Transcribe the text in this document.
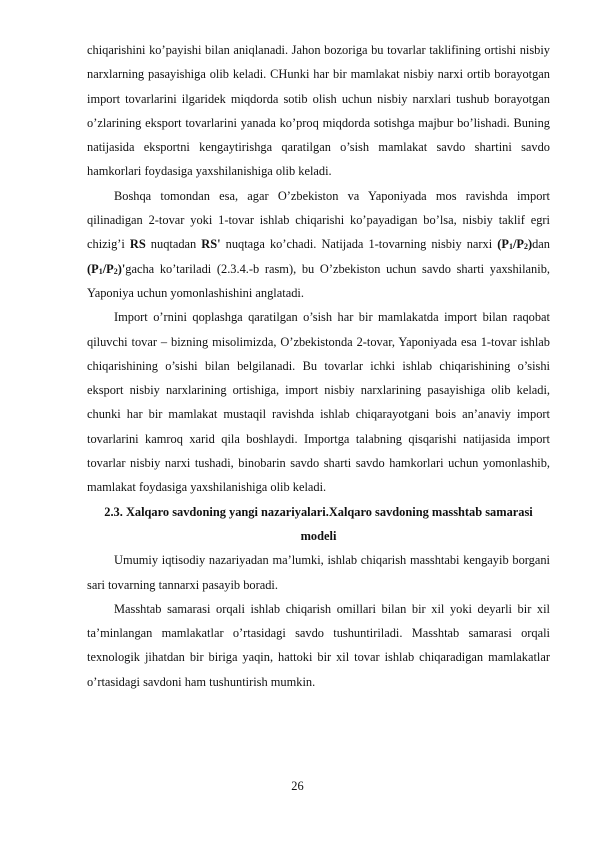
chiqarishini ko’payishi bilan aniqlanadi. Jahon bozoriga bu tovarlar taklifining ortishi nisbiy narxlarning pasayishiga olib keladi. CHunki har bir mamlakat nisbiy narxi ortib borayotgan import tovarlarini ilgaridek miqdorda sotib olish uchun nisbiy narxlari tushub borayotgan o’zlarining eksport tovarlarini yanada ko’proq miqdorda sotishga majbur bo’lishadi. Buning natijasida eksportni kengaytirishga qaratilgan o’sish mamlakat savdo shartini savdo hamkorlari foydasiga yaxshilanishiga olib keladi.

Boshqa tomondan esa, agar O’zbekiston va Yaponiyada mos ravishda import qilinadigan 2-tovar yoki 1-tovar ishlab chiqarishi ko’payadigan bo’lsa, nisbiy taklif egri chizig’i RS nuqtadan RS' nuqtaga ko’chadi. Natijada 1-tovarning nisbiy narxi $(P_1/P_2)dan$ $(P_1/P_2)'gacha$ ko’tariladi (2.3.4.-b rasm), bu O’zbekiston uchun savdo sharti yaxshilanib, Yaponiya uchun yomonlashishini anglatadi.

Import o’rnini qoplashga qaratilgan o’sish har bir mamlakatda import bilan raqobat qiluvchi tovar – bizning misolimizda, O’zbekistonda 2-tovar, Yaponiyada esa 1-tovar ishlab chiqarishining o’sishi bilan belgilanadi. Bu tovarlar ichki ishlab chiqarishining o’sishi eksport nisbiy narxlarining ortishiga, import nisbiy narxlarining pasayishiga olib keladi, chunki har bir mamlakat mustaqil ravishda ishlab chiqarayotgani bois an’anaviy import tovarlarini kamroq xarid qila boshlaydi. Importga talabning qisqarishi natijasida import tovarlar nisbiy narxi tushadi, binobarin savdo sharti savdo hamkorlari uchun yomonlashib, mamlakat foydasiga yaxshilanishiga olib keladi.

2.3. Xalqaro savdoning yangi nazariyalari.Xalqaro savdoning masshtab samarasi modeli

Umumiy iqtisodiy nazariyadan ma’lumki, ishlab chiqarish masshtabi kengayib borgani sari tovarning tannarxi pasayib boradi.

Masshtab samarasi orqali ishlab chiqarish omillari bilan bir xil yoki deyarli bir xil ta’minlangan mamlakatlar o’rtasidagi savdo tushuntiriladi. Masshtab samarasi orqali texnologik jihatdan bir biriga yaqin, hattoki bir xil tovar ishlab chiqaradigan mamlakatlar o’rtasidagi savdoni ham tushuntirish mumkin.

26
